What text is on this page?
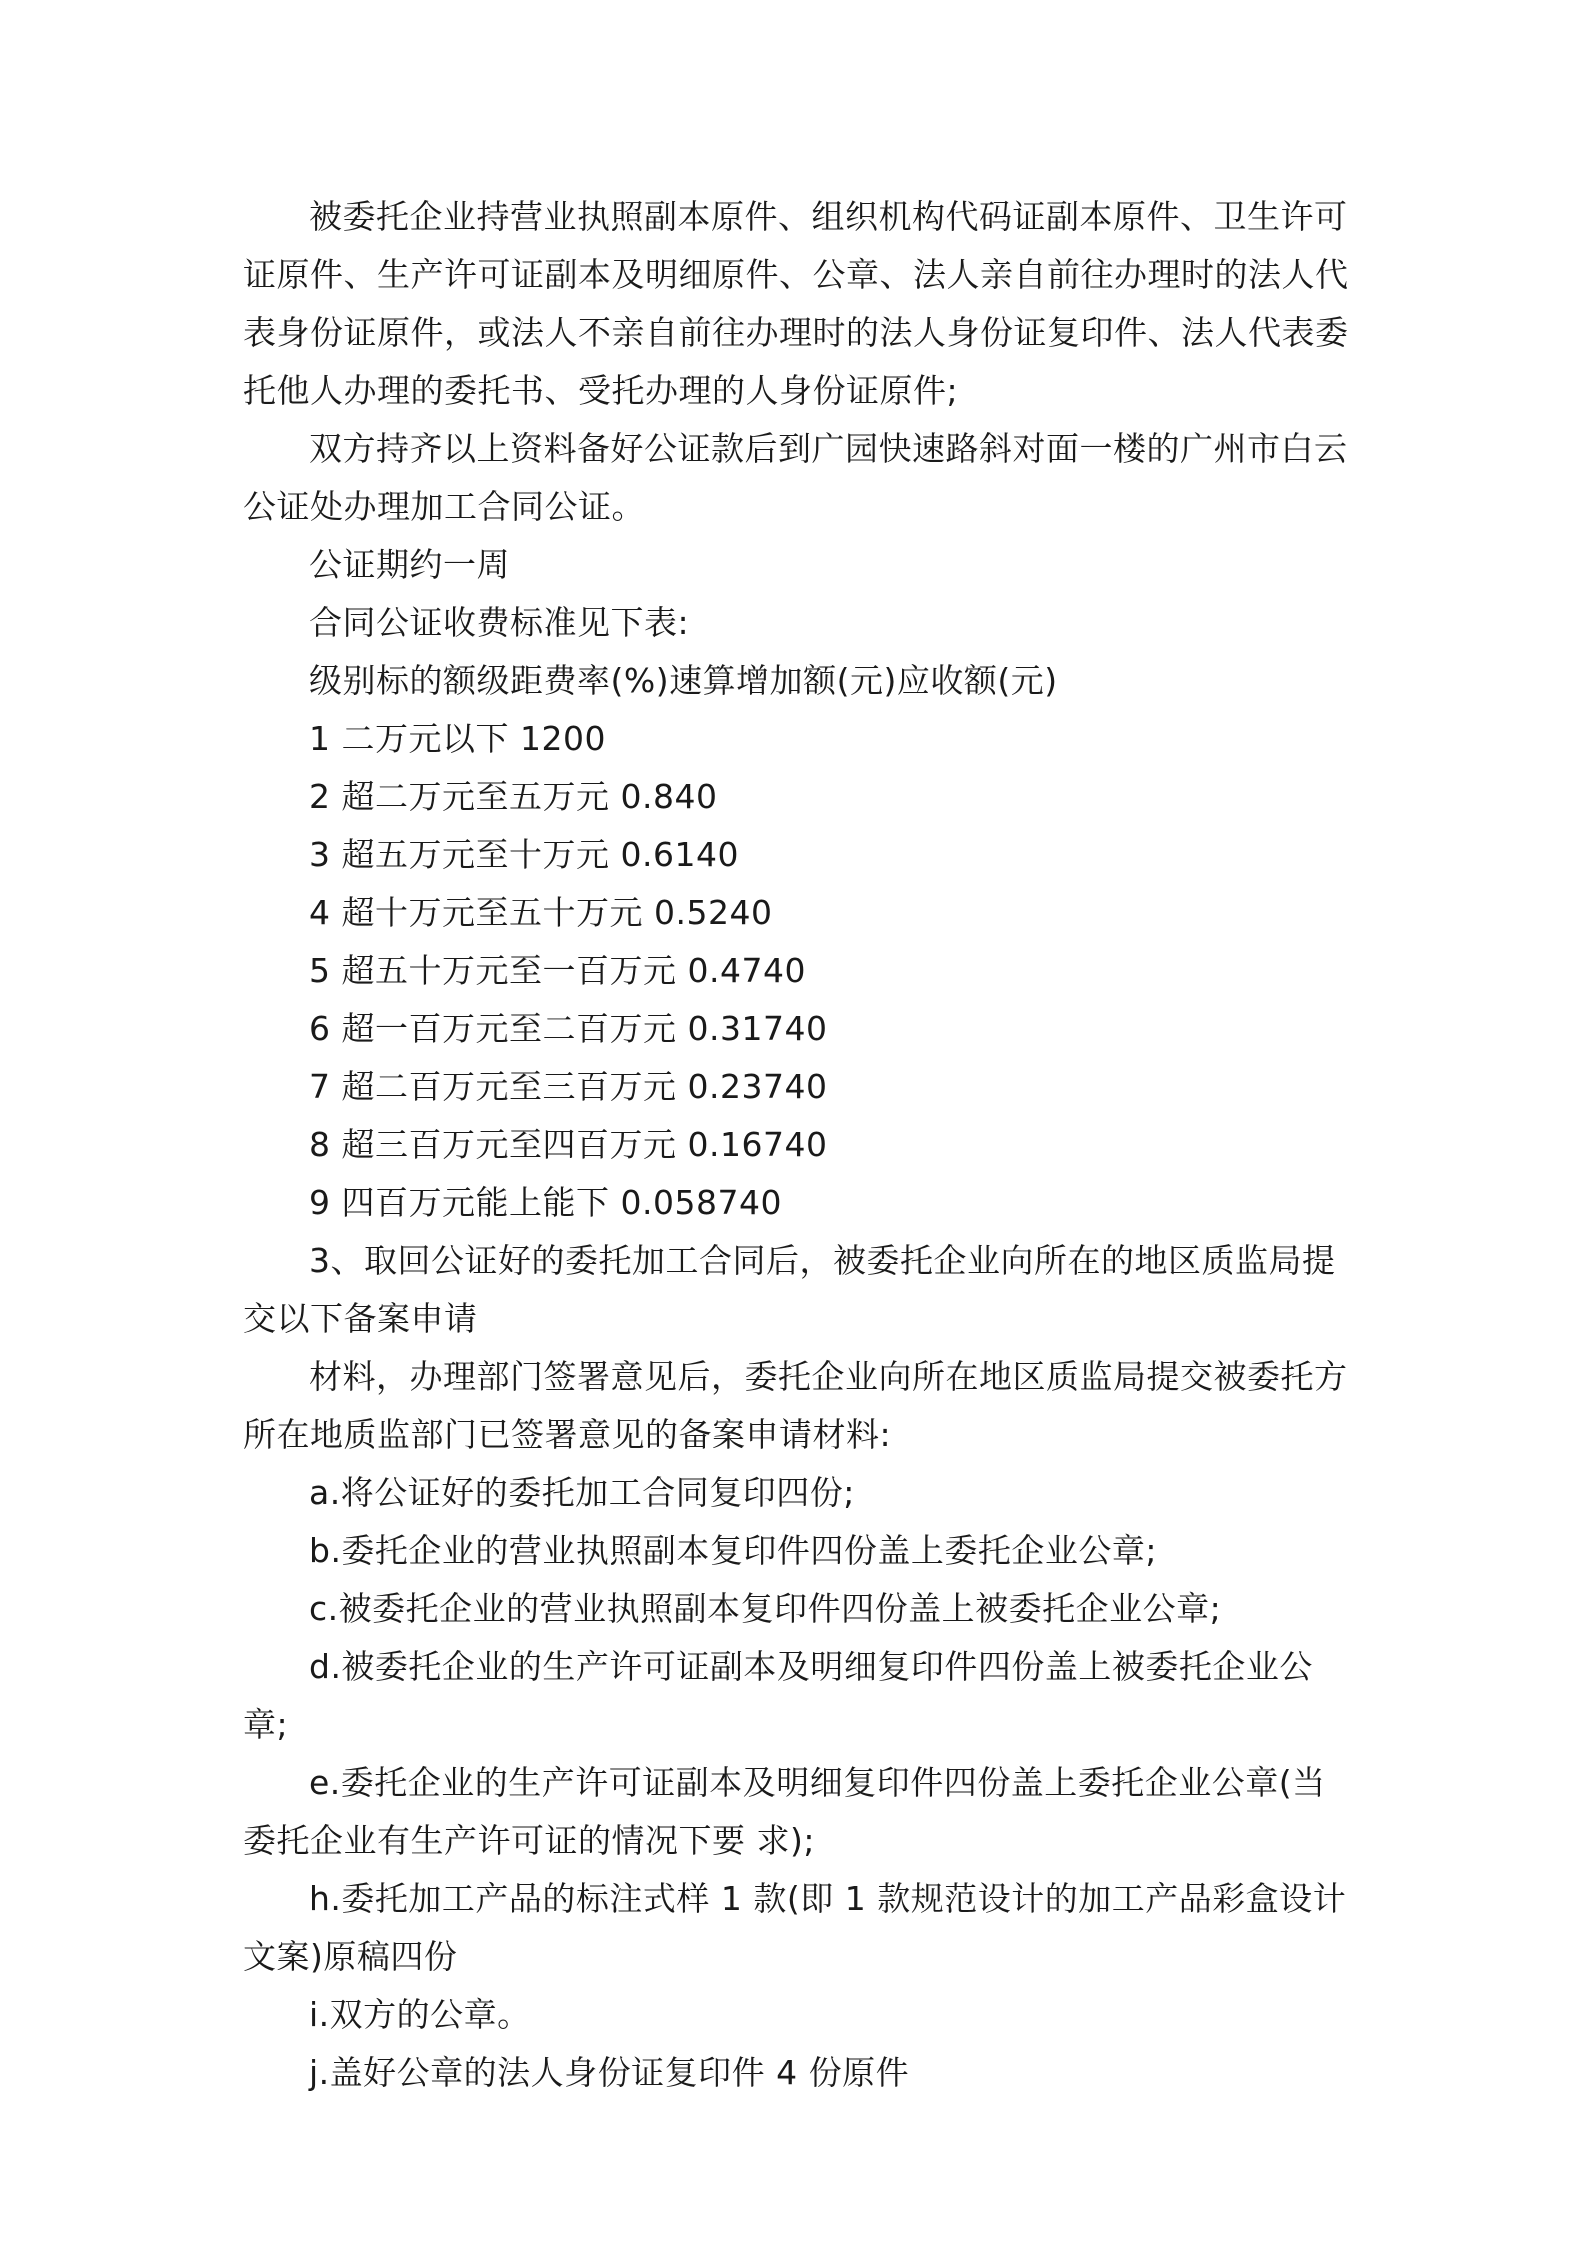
被委托企业持营业执照副本原件、组织机构代码证副本原件、卫生许可证原件、生产许可证副本及明细原件、公章、法人亲自前往办理时的法人代表身份证原件，或法人不亲自前往办理时的法人身份证复印件、法人代表委托他人办理的委托书、受托办理的人身份证原件;

双方持齐以上资料备好公证款后到广园快速路斜对面一楼的广州市白云公证处办理加工合同公证。

公证期约一周

合同公证收费标准见下表:

级别标的额级距费率(%)速算增加额(元)应收额(元)

1 二万元以下 1200

2 超二万元至五万元 0.840

3 超五万元至十万元 0.6140

4 超十万元至五十万元 0.5240

5 超五十万元至一百万元 0.4740

6 超一百万元至二百万元 0.31740

7 超二百万元至三百万元 0.23740

8 超三百万元至四百万元 0.16740

9 四百万元能上能下 0.058740

3、取回公证好的委托加工合同后，被委托企业向所在的地区质监局提交以下备案申请

材料，办理部门签署意见后，委托企业向所在地区质监局提交被委托方所在地质监部门已签署意见的备案申请材料:

a.将公证好的委托加工合同复印四份;

b.委托企业的营业执照副本复印件四份盖上委托企业公章;

c.被委托企业的营业执照副本复印件四份盖上被委托企业公章;

d.被委托企业的生产许可证副本及明细复印件四份盖上被委托企业公章;

e.委托企业的生产许可证副本及明细复印件四份盖上委托企业公章(当委托企业有生产许可证的情况下要 求);

h.委托加工产品的标注式样 1 款(即 1 款规范设计的加工产品彩盒设计文案)原稿四份

i.双方的公章。

j.盖好公章的法人身份证复印件 4 份原件
